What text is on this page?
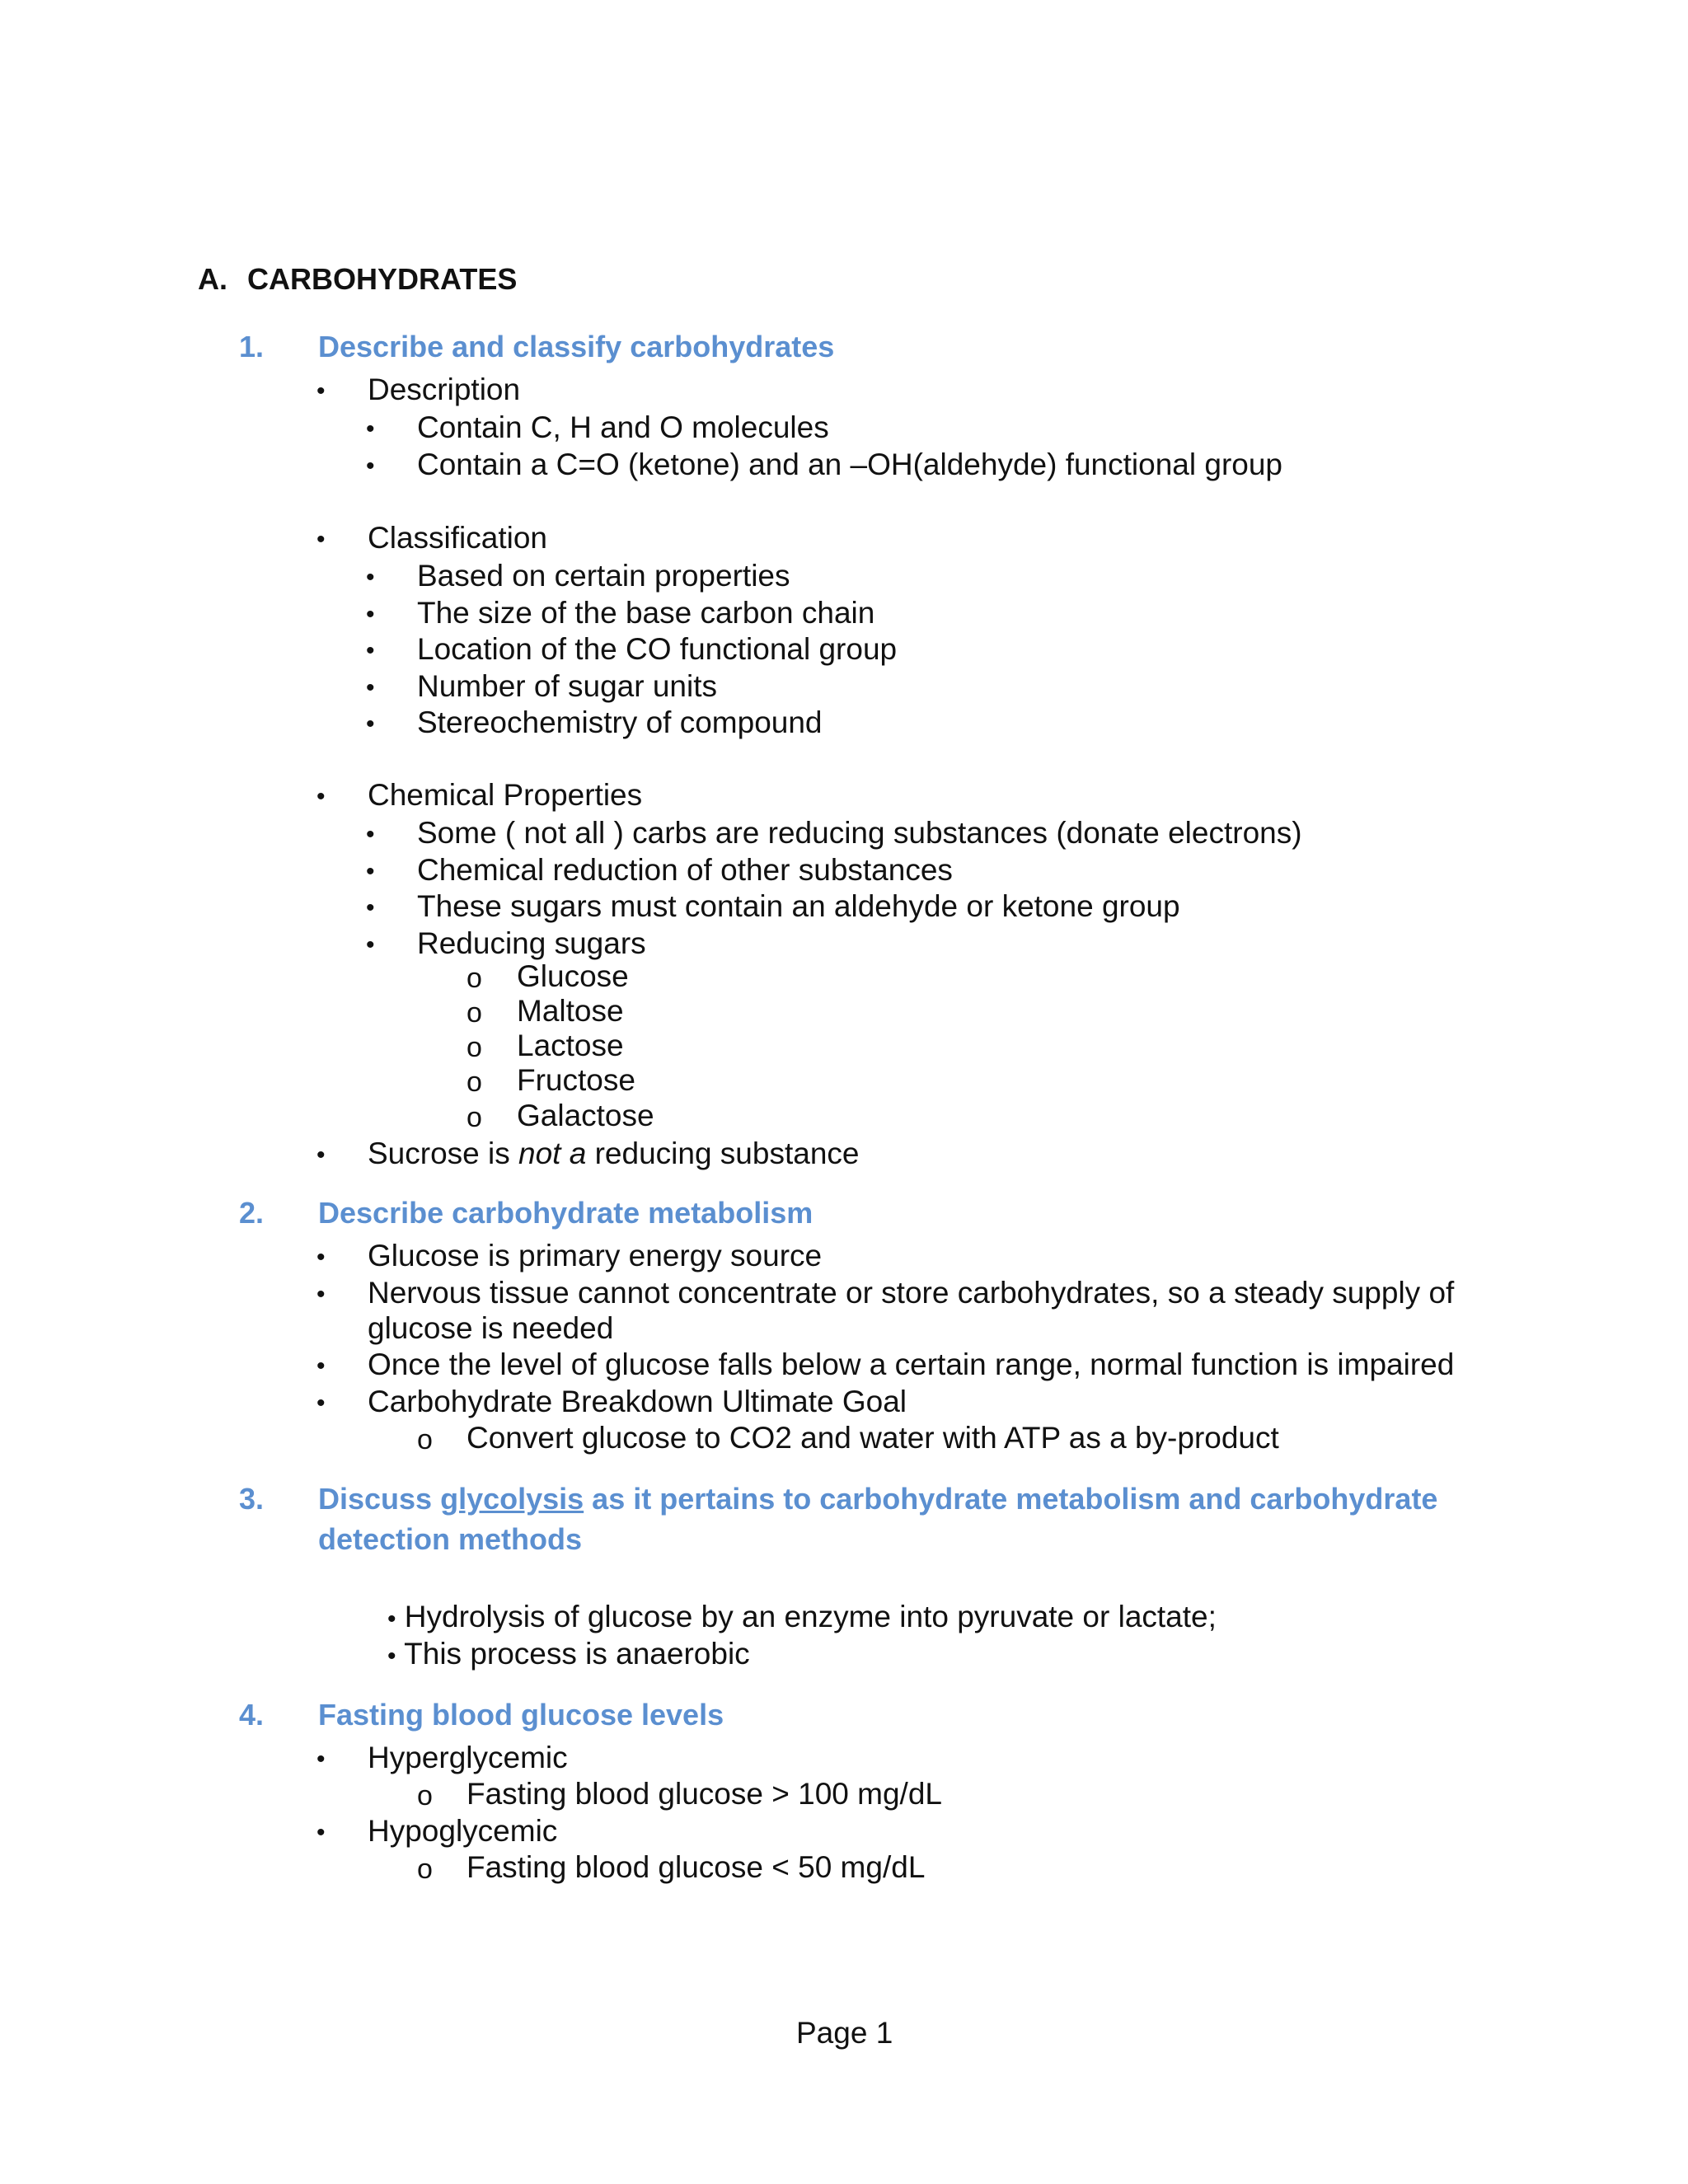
A. CARBOHYDRATES
1. Describe and classify carbohydrates
• Description
• Contain C, H and O molecules
• Contain a C=O (ketone) and an –OH(aldehyde) functional group
• Classification
• Based on certain properties
• The size of the base carbon chain
• Location of the CO functional group
• Number of sugar units
• Stereochemistry of compound
• Chemical Properties
• Some ( not all ) carbs are reducing substances (donate electrons)
• Chemical reduction of other substances
• These sugars must contain an aldehyde or ketone group
• Reducing sugars
o Glucose
o Maltose
o Lactose
o Fructose
o Galactose
• Sucrose is not a reducing substance
2. Describe carbohydrate metabolism
• Glucose is primary energy source
• Nervous tissue cannot concentrate or store carbohydrates, so a steady supply of
glucose is needed
• Once the level of glucose falls below a certain range, normal function is impaired
• Carbohydrate Breakdown Ultimate Goal
o Convert glucose to CO2 and water with ATP as a by-product
3. Discuss glycolysis as it pertains to carbohydrate metabolism and carbohydrate
detection methods
• Hydrolysis of glucose by an enzyme into pyruvate or lactate;
• This process is anaerobic
4. Fasting blood glucose levels
• Hyperglycemic
o Fasting blood glucose > 100 mg/dL
• Hypoglycemic
o Fasting blood glucose < 50 mg/dL
Page 1
